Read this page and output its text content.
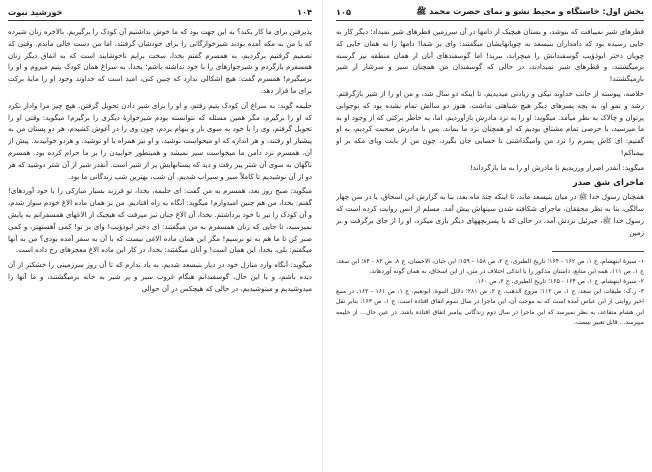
۱۰۴
خورشید نبوت

پذیرفتن برای ما کار بکند؟ به این جهت بود که ما خوش نداشتیم آن کودک را برگیریم. بالاخره زنان شیرده که با من به مکه آمده بودند شیرخوارگانی را برای خودشان گرفتند، اما من دست خالی ماندم. وقتی که تصمیم گرفتیم برگردیم، به همسرم گفتم بخدا، سخت برایم ناخوشایند است که به اتفاق دیگر زنان همسفرم بازگردم و شیرخوارهای را با خود نداشته باشم؛ بخدا، به سراغ همان کودک یتیم میروم و او را برمیگیرم! همسرم گفت: هیچ اشکالی ندارد که چنین کنی، امید است که خداوند وجود او را مایهٔ برکت برای ما قرار دهد.

حلیمه گوید: به سراغ آن کودک یتیم رفتم، و او را برای شیر دادن تحویل گرفتن. هیچ چیز مرا وادار نکرد که او را برگیرم، مگر همین مسئله که نتوانسته بودم شیرخوارهٔ دیگری را برگیرم! میگوید: وقتی او را تحویل گرفتم، وی را با خود به سوی بار و بنهام بردم، چون وی را در آغوش کشیدم، هر دو پستان من به پیشباز او رفتند، و هر اندازه که او میخواست نوشید، و او نیز همراه با او نوشید، و هردو خوابیدند. پیش از آن، همسرم نزد دامن ما میخواست سیر نمیشد و همینطور خوابیدن را بر ما حرام کرده بود. همسرم ناگهان به سوی آن شتر پیر رفت و دید که پستانهایش پر از شیر است. آنقدر شیر از آن شتر دوشید که هر دو از آن نوشیدیم تا کاملاً سیر و سیراب شدیم. آن شب، بهترین شب زندگانی ما بود.

میگوید: صبح روز بعد، همسرم به من گفت: ای حلیمه، بخدا، تو فرزند بسیار مبارکی را با خود آوردهای! گفتم: بخدا، من هم چنین امیدوارم! میگوید: آنگاه به راه افتادیم. من بر همان ماده الاغ خودم سوار شدم، و آن کودک را نیز با خود برداشتم. بخدا، آن الاغ چنان تیز میرفت که هیچیک از الاغهای همسفرانم به پایش نمیرسید، تا جایی که زنان همسفرم به من میگفتند: ای دختر ابوذؤیب! وای بر تو! کمی آهستهتر، و کمی صبر کن تا ما هم به تو برسیم! مگر این همان ماده الاغی نیست که با آن به سفر آمده بودی؟ من به آنها میگفتم: بلی، بخدا، این همان است! و آنان میگفتند: بخدا، در کار این ماده الاغ معجزهای رخ داده است.

میگوید: آنگاه وارد منازل خود در دیار بنیسعد شدیم. به یاد ندارم که تا آن روز سرزمینی را خشکتر از آن دیده باشم، و با این حال، گوسفندانم هنگام غروب سیر و پر شیر به خانه برمیگشتند، و ما آنها را میدوشیدیم و مینوشیدیم، در حالی که هیچکس در آن حوالی

بخش اول: خاستگاه و محیط نشو و نمای حضرت محمد ﷺ
۱۰۵

قطرهای شیر نمییافت که بنوشد، و بستان هیچیک از دامها در آن سرزمین قطرهای شیر نمیداد؛ دیگر کار به جایی رسیده بود که دامداران بنیسعد به چوپانهایشان میگفتند: وای بر شما! دامها را به همان جایی که چوپان دختر ابوذؤیب گوسفندانش را میچراند، ببرید! اما گوسفندهای آنان از همان منطقه نیز گرسنه برمیگشتند، و قطرهای شیر نمیدادند، در حالی که گوسفندان من همچنان سیر و سرشار از شیر بازمیگشتند!

خلاصه، پیوسته از جانب خداوند نیکی و زیادتی میدیدیم، تا اینکه دو سال شد، و من او را از شیر بازگرفتم. رشد و نمو او، به پچه پسرهای دیگر هیچ شباهتی نداشت. هنوز دو سالش تمام نشده بود که نوجوانی پرتوان و چالاک به نظر میآمد. میگوید: او را به نزد مادرش بازآوردیم، اما، به خاطر برکتی که از وجود او به ما میرسید، با حرصی تمام مشتاق بودیم که او همچنان نزد ما بماند. پس با مادرش صحبت کردیم، به او گفتیم: ای کاش پسرم را نزد من وامیگذاشتی تا حسابی جان بگیرد، چون من از بابت وبای مکه بر او بیمناکم!

میگوید: آنقدر اصرار ورزیدیم تا مادرش او را به ما بازگرداند!

ماجرای شق صدر

همچنان رسول خدا ﷺ در میان بنیسعد ماند، تا اینکه چند ماه بعد، بنا به گزارش ابن اسحاق، یا در سن چهار سالگی، بنا به نظر محققان، ماجرای شکافته شدن سینهاش پیش آمد. مسلم از انس روایت کرده است که رسول خدا ﷺ، جبرئیل نزدش آمد، در حالی که با پسربچههای دیگر بازی میکرد، او را از جای برگرفت و بر زمین

۱- سیرهٔ ابنهشام، ج ۱، ص ۱۶۲ - ۱۶۴؛ تاریخ الطبری، ج ۲، ص ۱۵۸ - ۱۵۹؛ ابن حبان، الاحسان، ج ۸، ص ۸۲ - ۸۴؛ ابن سعد، ج ۱، ص ۱۱۱، همه این منابع، داستان مذکور را با اندکی اختلاف در متن، از ابن اسحاق، به همان گونه آوردهاند.

۲- سیرهٔ ابنهشام، ج ۱، ص ۱۶۴ - ۱۶۵؛ تاریخ الطبری، ج ۲، ص ۱۶۰.

۳- ر.ک: طبقات ابن سعد، ج ۱، ص ۱۱۲؛ مروج الذهب، ج ۲، ص ۲۸۱؛ دلائل النبوة، ابونعیم، ج ۱، ص ۱۶۱ - ۱۶۲، در منبع اخیر روایتی از ابن عباس آمده است که به موجب آن، این ماجرا در سال سوم اتفاق افتاده است. ج ۱، ص ۱۶۳، بنابر نقل ابن هشام متقاعد، به نظر نمیرسد که این ماجرا در سال دوم زندگانی پیامبر اتفاق افتاده باشد. در عین حال... از حلیمه میپرسد... قابل تعبیر نیست.
